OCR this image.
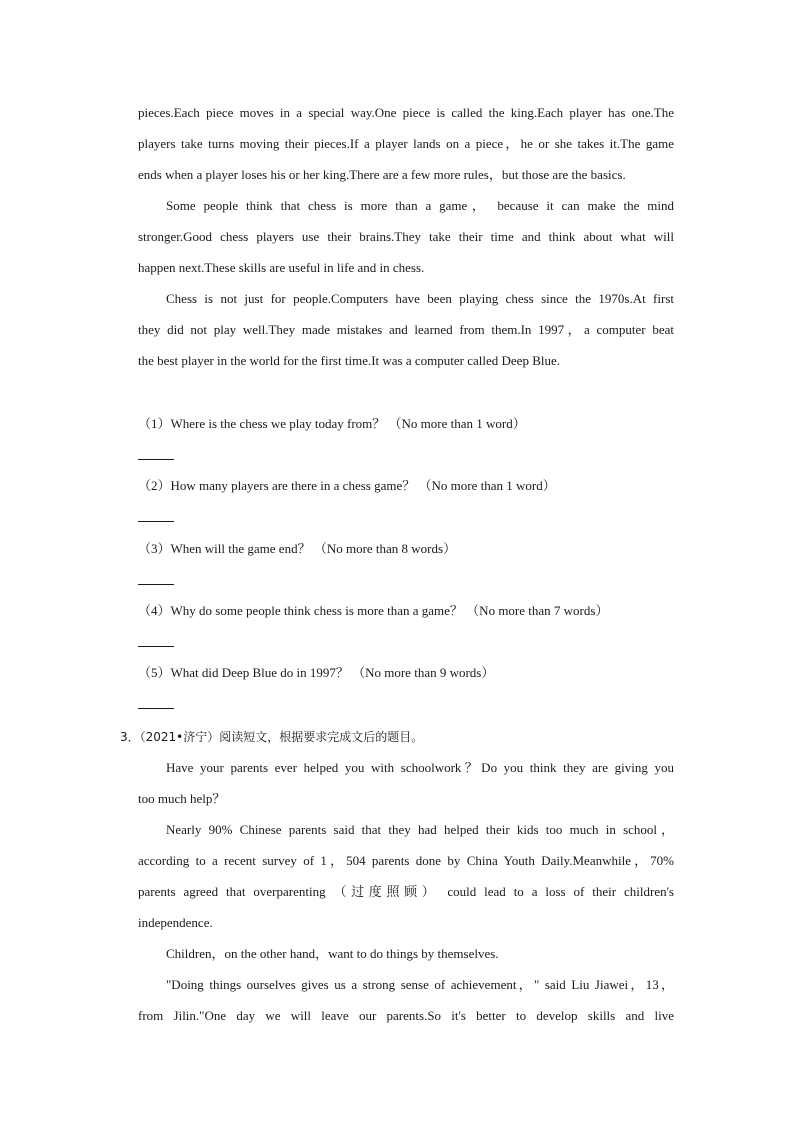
pieces.Each piece moves in a special way.One piece is called the king.Each player has one.The
players take turns moving their pieces.If a player lands on a piece，he or she takes it.The game
ends when a player loses his or her king.There are a few more rules，but those are the basics.
Some people think that chess is more than a game， because it can make the mind
stronger.Good chess players use their brains.They take their time and think about what will
happen next.These skills are useful in life and in chess.
Chess is not just for people.Computers have been playing chess since the 1970s.At first
they did not play well.They made mistakes and learned from them.In 1997，a computer beat
the best player in the world for the first time.It was a computer called Deep Blue.
（1）Where is the chess we play today from？ （No more than 1 word）
（2）How many players are there in a chess game？ （No more than 1 word）
（3）When will the game end？ （No more than 8 words）
（4）Why do some people think chess is more than a game？ （No more than 7 words）
（5）What did Deep Blue do in 1997？ （No more than 9 words）
3．（2021•济宁）阅读短文，根据要求完成文后的题目。
Have your parents ever helped you with schoolwork？Do you think they are giving you
too much help？
Nearly 90% Chinese parents said that they had helped their kids too much in school，
according to a recent survey of 1，504 parents done by China Youth Daily.Meanwhile，70%
parents agreed that overparenting （过度照顾） could lead to a loss of their children's
independence.
Children，on the other hand，want to do things by themselves.
"Doing things ourselves gives us a strong sense of achievement，" said Liu Jiawei，13，
from Jilin."One day we will leave our parents.So it's better to develop skills and live
